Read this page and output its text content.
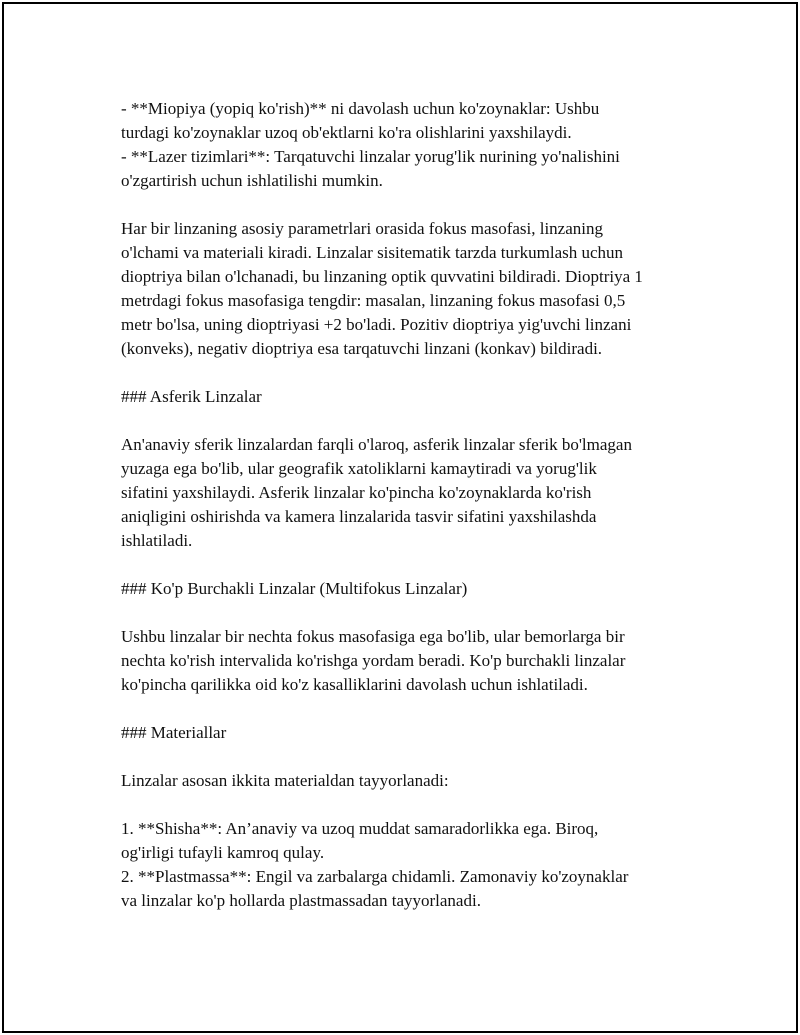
- **Miopiya (yopiq ko'rish)** ni davolash uchun ko'zoynaklar: Ushbu
turdagi ko'zoynaklar uzoq ob'ektlarni ko'ra olishlarini yaxshilaydi.
- **Lazer tizimlari**: Tarqatuvchi linzalar yorug'lik nurining yo'nalishini
o'zgartirish uchun ishlatilishi mumkin.
Har bir linzaning asosiy parametrlari orasida fokus masofasi, linzaning
o'lchami va materiali kiradi. Linzalar sisitematik tarzda turkumlash uchun
dioptriya bilan o'lchanadi, bu linzaning optik quvvatini bildiradi. Dioptriya 1
metrdagi fokus masofasiga tengdir: masalan, linzaning fokus masofasi 0,5
metr bo'lsa, uning dioptriyasi +2 bo'ladi. Pozitiv dioptriya yig'uvchi linzani
(konveks), negativ dioptriya esa tarqatuvchi linzani (konkav) bildiradi.
### Asferik Linzalar
An'anaviy sferik linzalardan farqli o'laroq, asferik linzalar sferik bo'lmagan
yuzaga ega bo'lib, ular geografik xatoliklarni kamaytiradi va yorug'lik
sifatini yaxshilaydi. Asferik linzalar ko'pincha ko'zoynaklarda ko'rish
aniqligini oshirishda va kamera linzalarida tasvir sifatini yaxshilashda
ishlatiladi.
### Ko'p Burchakli Linzalar (Multifokus Linzalar)
Ushbu linzalar bir nechta fokus masofasiga ega bo'lib, ular bemorlarga bir
nechta ko'rish intervalida ko'rishga yordam beradi. Ko'p burchakli linzalar
ko'pincha qarilikka oid ko'z kasalliklarini davolash uchun ishlatiladi.
### Materiallar
Linzalar asosan ikkita materialdan tayyorlanadi:
1. **Shisha**: An’anaviy va uzoq muddat samaradorlikka ega. Biroq,
og'irligi tufayli kamroq qulay.
2. **Plastmassa**: Engil va zarbalarga chidamli. Zamonaviy ko'zoynaklar
va linzalar ko'p hollarda plastmassadan tayyorlanadi.
